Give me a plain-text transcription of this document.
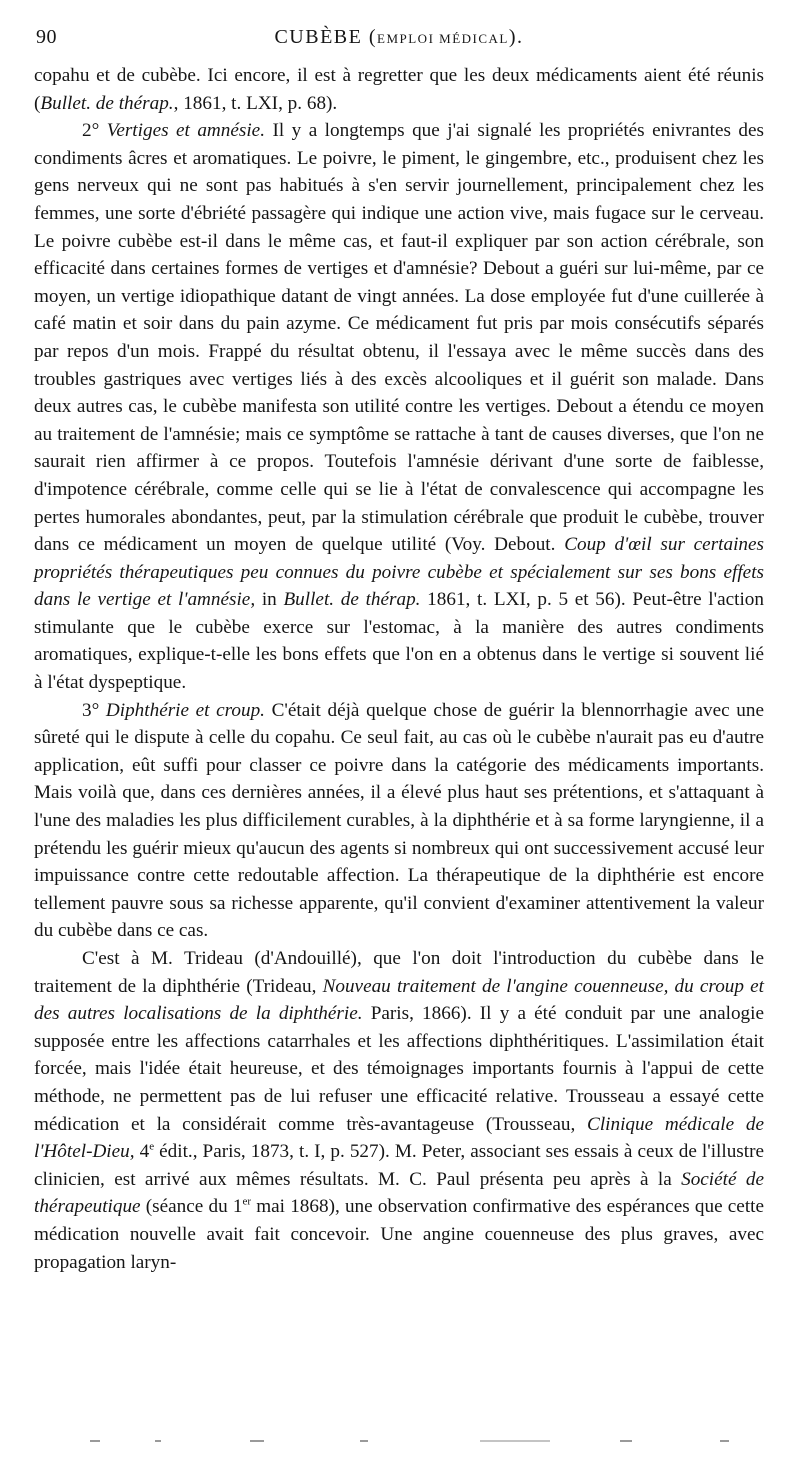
90	CUBÈBE (EMPLOI MÉDICAL).

copahu et de cubèbe. Ici encore, il est à regretter que les deux médicaments aient été réunis (Bullet. de thérap., 1861, t. LXI, p. 68).

2° Vertiges et amnésie. Il y a longtemps que j'ai signalé les propriétés enivrantes des condiments âcres et aromatiques. Le poivre, le piment, le gingembre, etc., produisent chez les gens nerveux qui ne sont pas habitués à s'en servir journellement, principalement chez les femmes, une sorte d'ébriété passagère qui indique une action vive, mais fugace sur le cerveau. Le poivre cubèbe est-il dans le même cas, et faut-il expliquer par son action cérébrale, son efficacité dans certaines formes de vertiges et d'amnésie? Debout a guéri sur lui-même, par ce moyen, un vertige idiopathique datant de vingt années. La dose employée fut d'une cuillerée à café matin et soir dans du pain azyme. Ce médicament fut pris par mois consécutifs séparés par repos d'un mois. Frappé du résultat obtenu, il l'essaya avec le même succès dans des troubles gastriques avec vertiges liés à des excès alcooliques et il guérit son malade. Dans deux autres cas, le cubèbe manifesta son utilité contre les vertiges. Debout a étendu ce moyen au traitement de l'amnésie; mais ce symptôme se rattache à tant de causes diverses, que l'on ne saurait rien affirmer à ce propos. Toutefois l'amnésie dérivant d'une sorte de faiblesse, d'impotence cérébrale, comme celle qui se lie à l'état de convalescence qui accompagne les pertes humorales abondantes, peut, par la stimulation cérébrale que produit le cubèbe, trouver dans ce médicament un moyen de quelque utilité (Voy. Debout. Coup d'œil sur certaines propriétés thérapeutiques peu connues du poivre cubèbe et spécialement sur ses bons effets dans le vertige et l'amnésie, in Bullet. de thérap. 1861, t. LXI, p. 5 et 56). Peut-être l'action stimulante que le cubèbe exerce sur l'estomac, à la manière des autres condiments aromatiques, explique-t-elle les bons effets que l'on en a obtenus dans le vertige si souvent lié à l'état dyspeptique.

3° Diphthérie et croup. C'était déjà quelque chose de guérir la blennorrhagie avec une sûreté qui le dispute à celle du copahu. Ce seul fait, au cas où le cubèbe n'aurait pas eu d'autre application, eût suffi pour classer ce poivre dans la catégorie des médicaments importants. Mais voilà que, dans ces dernières années, il a élevé plus haut ses prétentions, et s'attaquant à l'une des maladies les plus difficilement curables, à la diphthérie et à sa forme laryngienne, il a prétendu les guérir mieux qu'aucun des agents si nombreux qui ont successivement accusé leur impuissance contre cette redoutable affection. La thérapeutique de la diphthérie est encore tellement pauvre sous sa richesse apparente, qu'il convient d'examiner attentivement la valeur du cubèbe dans ce cas.

C'est à M. Trideau (d'Andouillé), que l'on doit l'introduction du cubèbe dans le traitement de la diphthérie (Trideau, Nouveau traitement de l'angine couenneuse, du croup et des autres localisations de la diphthérie. Paris, 1866). Il y a été conduit par une analogie supposée entre les affections catarrhales et les affections diphthéritiques. L'assimilation était forcée, mais l'idée était heureuse, et des témoignages importants fournis à l'appui de cette méthode, ne permettent pas de lui refuser une efficacité relative. Trousseau a essayé cette médication et la considérait comme très-avantageuse (Trousseau, Clinique médicale de l'Hôtel-Dieu, 4e édit., Paris, 1873, t. I, p. 527). M. Peter, associant ses essais à ceux de l'illustre clinicien, est arrivé aux mêmes résultats. M. C. Paul présenta peu après à la Société de thérapeutique (séance du 1er mai 1868), une observation confirmative des espérances que cette médication nouvelle avait fait concevoir. Une angine couenneuse des plus graves, avec propagation laryn-
